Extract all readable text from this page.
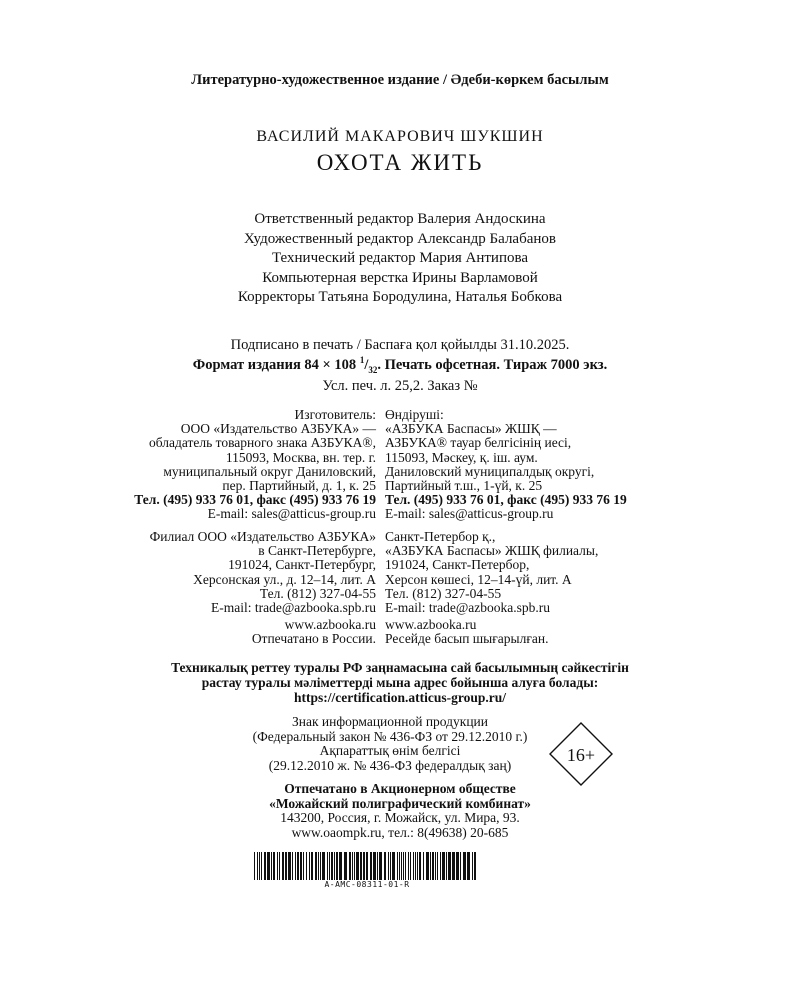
Литературно-художественное издание / Әдеби-көркем басылым
ВАСИЛИЙ МАКАРОВИЧ ШУКШИН
ОХОТА ЖИТЬ
Ответственный редактор Валерия Андоскина
Художественный редактор Александр Балабанов
Технический редактор Мария Антипова
Компьютерная верстка Ирины Варламовой
Корректоры Татьяна Бородулина, Наталья Бобкова
Подписано в печать / Баспаға қол қойылды 31.10.2025.
Формат издания 84 × 108 $^1/_{32}$. Печать офсетная. Тираж 7000 экз.
Усл. печ. л. 25,2. Заказ №
Изготовитель:
ООО «Издательство АЗБУКА» —
обладатель товарного знака АЗБУКА®,
115093, Москва, вн. тер. г.
муниципальный округ Даниловский,
пер. Партийный, д. 1, к. 25
Тел. (495) 933 76 01, факс (495) 933 76 19
E-mail: sales@atticus-group.ru
Өндіруші:
«АЗБУКА Баспасы» ЖШҚ —
АЗБУКА® тауар белгісінің иесі,
115093, Мәскеу, қ. іш. аум.
Даниловский муниципалдық округі,
Партийный т.ш., 1-үй, к. 25
Тел. (495) 933 76 01, факс (495) 933 76 19
E-mail: sales@atticus-group.ru
Филиал ООО «Издательство АЗБУКА»
в Санкт-Петербурге,
191024, Санкт-Петербург,
Херсонская ул., д. 12–14, лит. А
Тел. (812) 327-04-55
E-mail: trade@azbooka.spb.ru
Санкт-Петербор қ.,
«АЗБУКА Баспасы» ЖШҚ филиалы,
191024, Санкт-Петербор,
Херсон көшесі, 12–14-үй, лит. А
Тел. (812) 327-04-55
E-mail: trade@azbooka.spb.ru
www.azbooka.ru
Отпечатано в России.
www.azbooka.ru
Ресейде басып шығарылған.
Техникалық реттеу туралы РФ заңнамасына сай басылымның сәйкестігін
растау туралы мәліметтерді мына адрес бойынша алуға болады:
https://certification.atticus-group.ru/
Знак информационной продукции
(Федеральный закон № 436-ФЗ от 29.12.2010 г.)
Ақпараттық өнім белгісі
(29.12.2010 ж. № 436-ФЗ федералдық заң)	16+
Отпечатано в Акционерном обществе
«Можайский полиграфический комбинат»
143200, Россия, г. Можайск, ул. Мира, 93.
www.oaompk.ru, тел.: 8(49638) 20-685
A-AMC-08311-01-R
